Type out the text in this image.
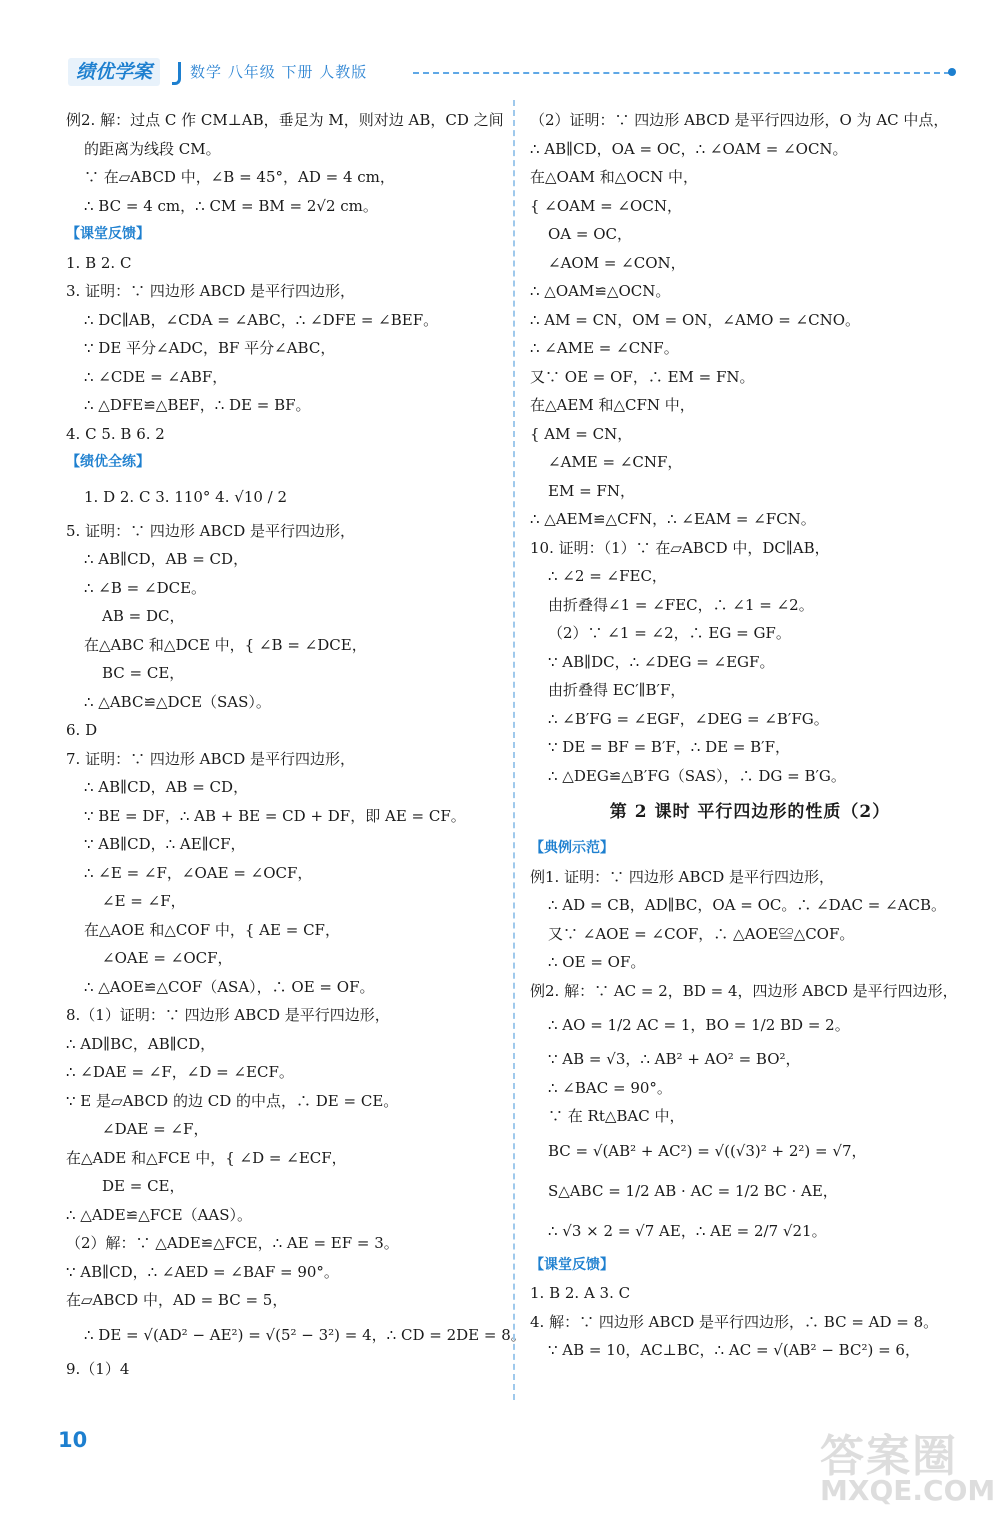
绩优学案	数学 八年级 下册 人教版
例2. 解：过点 C 作 CM⊥AB，垂足为 M，则对边 AB，CD 之间
的距离为线段 CM。
∵ 在▱ABCD 中，∠B = 45°，AD = 4 cm，
∴ BC = 4 cm，∴ CM = BM = 2√2 cm。
【课堂反馈】
1. B 2. C
3. 证明：∵ 四边形 ABCD 是平行四边形，
∴ DC∥AB，∠CDA = ∠ABC，∴ ∠DFE = ∠BEF。
∵ DE 平分∠ADC，BF 平分∠ABC，
∴ ∠CDE = ∠ABF，
∴ △DFE≌△BEF，∴ DE = BF。
4. C 5. B 6. 2
【绩优全练】
1. D 2. C 3. 110° 4. √10 / 2
5. 证明：∵ 四边形 ABCD 是平行四边形，
∴ AB∥CD，AB = CD，
∴ ∠B = ∠DCE。
AB = DC，
在△ABC 和△DCE 中，{ ∠B = ∠DCE，
BC = CE，
∴ △ABC≌△DCE（SAS）。
6. D
7. 证明：∵ 四边形 ABCD 是平行四边形，
∴ AB∥CD，AB = CD，
∵ BE = DF，∴ AB + BE = CD + DF，即 AE = CF。
∵ AB∥CD，∴ AE∥CF，
∴ ∠E = ∠F，∠OAE = ∠OCF，
∠E = ∠F，
在△AOE 和△COF 中，{ AE = CF，
∠OAE = ∠OCF，
∴ △AOE≌△COF（ASA），∴ OE = OF。
8.（1）证明：∵ 四边形 ABCD 是平行四边形，
∴ AD∥BC，AB∥CD，
∴ ∠DAE = ∠F，∠D = ∠ECF。
∵ E 是▱ABCD 的边 CD 的中点，∴ DE = CE。
∠DAE = ∠F，
在△ADE 和△FCE 中，{ ∠D = ∠ECF，
DE = CE，
∴ △ADE≌△FCE（AAS）。
（2）解：∵ △ADE≌△FCE，∴ AE = EF = 3。
∵ AB∥CD，∴ ∠AED = ∠BAF = 90°。
在▱ABCD 中，AD = BC = 5，
∴ DE = √(AD² − AE²) = √(5² − 3²) = 4，∴ CD = 2DE = 8。
9.（1）4
（2）证明：∵ 四边形 ABCD 是平行四边形，O 为 AC 中点，
∴ AB∥CD，OA = OC，∴ ∠OAM = ∠OCN。
在△OAM 和△OCN 中，
{ ∠OAM = ∠OCN，
OA = OC，
∠AOM = ∠CON，
∴ △OAM≌△OCN。
∴ AM = CN，OM = ON，∠AMO = ∠CNO。
∴ ∠AME = ∠CNF。
又∵ OE = OF，∴ EM = FN。
在△AEM 和△CFN 中，
{ AM = CN，
∠AME = ∠CNF，
EM = FN，
∴ △AEM≌△CFN，∴ ∠EAM = ∠FCN。
10. 证明：（1）∵ 在▱ABCD 中，DC∥AB，
∴ ∠2 = ∠FEC，
由折叠得∠1 = ∠FEC，∴ ∠1 = ∠2。
（2）∵ ∠1 = ∠2，∴ EG = GF。
∵ AB∥DC，∴ ∠DEG = ∠EGF。
由折叠得 EC′∥B′F，
∴ ∠B′FG = ∠EGF，∠DEG = ∠B′FG。
∵ DE = BF = B′F，∴ DE = B′F，
∴ △DEG≌△B′FG（SAS），∴ DG = B′G。
第 2 课时 平行四边形的性质（2）
【典例示范】
例1. 证明：∵ 四边形 ABCD 是平行四边形，
∴ AD = CB，AD∥BC，OA = OC。∴ ∠DAC = ∠ACB。
又∵ ∠AOE = ∠COF，∴ △AOE≌△COF。
∴ OE = OF。
例2. 解：∵ AC = 2，BD = 4，四边形 ABCD 是平行四边形，
∴ AO = 1/2 AC = 1，BO = 1/2 BD = 2。
∵ AB = √3，∴ AB² + AO² = BO²，
∴ ∠BAC = 90°。
∵ 在 Rt△BAC 中，
BC = √(AB² + AC²) = √((√3)² + 2²) = √7，
S△ABC = 1/2 AB · AC = 1/2 BC · AE，
∴ √3 × 2 = √7 AE，∴ AE = 2/7 √21。
【课堂反馈】
1. B 2. A 3. C
4. 解：∵ 四边形 ABCD 是平行四边形，∴ BC = AD = 8。
∵ AB = 10，AC⊥BC，∴ AC = √(AB² − BC²) = 6，
10	答案圈
MXQE.COM
